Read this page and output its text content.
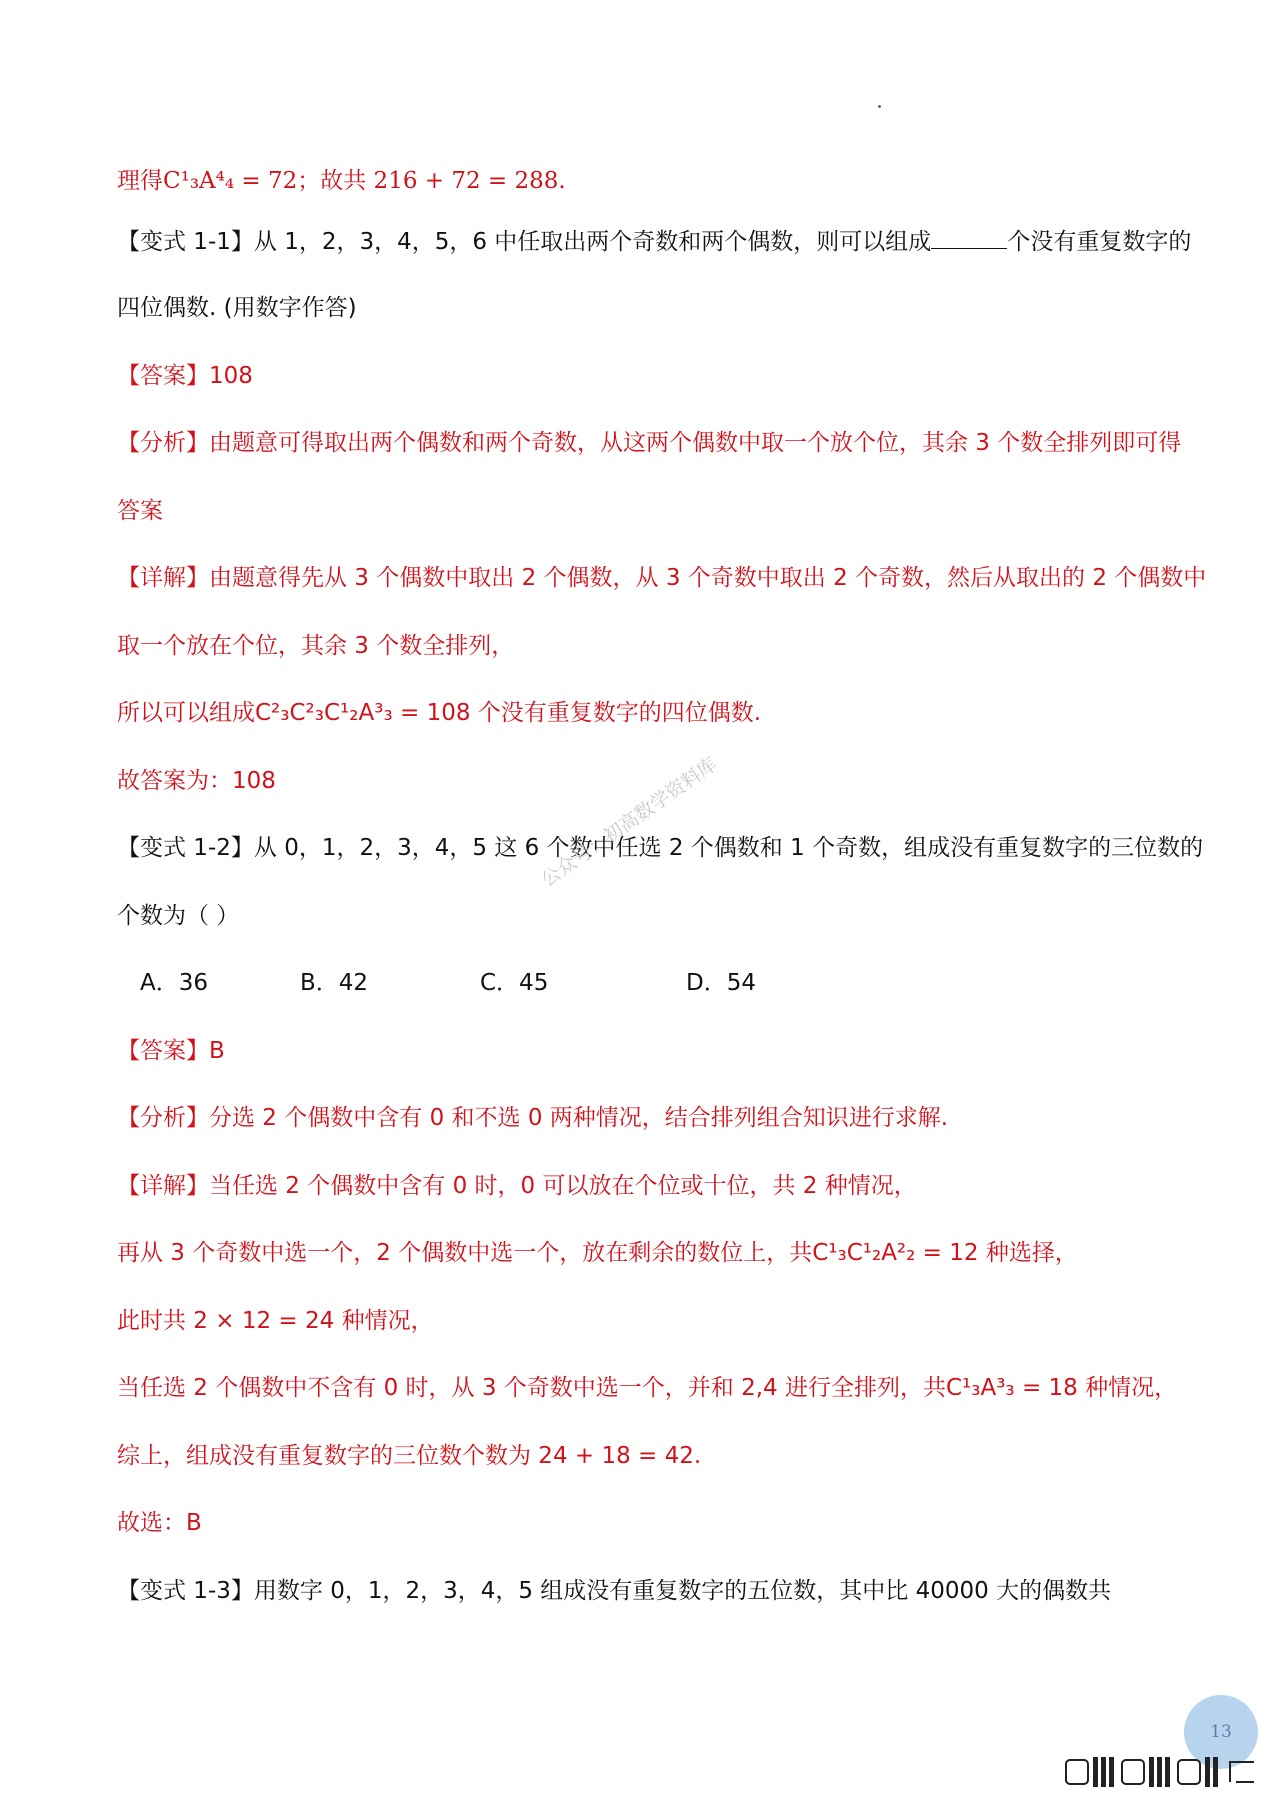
理得C¹₃A⁴₄ = 72；故共 216 + 72 = 288.
【变式 1-1】从 1，2，3，4，5，6 中任取出两个奇数和两个偶数，则可以组成	个没有重复数字的
四位偶数. (用数字作答)
【答案】108
【分析】由题意可得取出两个偶数和两个奇数，从这两个偶数中取一个放个位，其余 3 个数全排列即可得
答案
【详解】由题意得先从 3 个偶数中取出 2 个偶数，从 3 个奇数中取出 2 个奇数，然后从取出的 2 个偶数中
取一个放在个位，其余 3 个数全排列，
所以可以组成C²₃C²₃C¹₂A³₃ = 108 个没有重复数字的四位偶数.
故答案为：108
【变式 1-2】从 0，1，2，3，4，5 这 6 个数中任选 2 个偶数和 1 个奇数，组成没有重复数字的三位数的
个数为（ ）
A．36	B．42	C．45	D．54
【答案】B
【分析】分选 2 个偶数中含有 0 和不选 0 两种情况，结合排列组合知识进行求解.
【详解】当任选 2 个偶数中含有 0 时，0 可以放在个位或十位，共 2 种情况，
再从 3 个奇数中选一个，2 个偶数中选一个，放在剩余的数位上，共C¹₃C¹₂A²₂ = 12 种选择，
此时共 2 × 12 = 24 种情况，
当任选 2 个偶数中不含有 0 时，从 3 个奇数中选一个，并和 2,4 进行全排列，共C¹₃A³₃ = 18 种情况，
综上，组成没有重复数字的三位数个数为 24 + 18 = 42.
故选：B
【变式 1-3】用数字 0，1，2，3，4，5 组成没有重复数字的五位数，其中比 40000 大的偶数共
公众号：初高数学资料库
13
